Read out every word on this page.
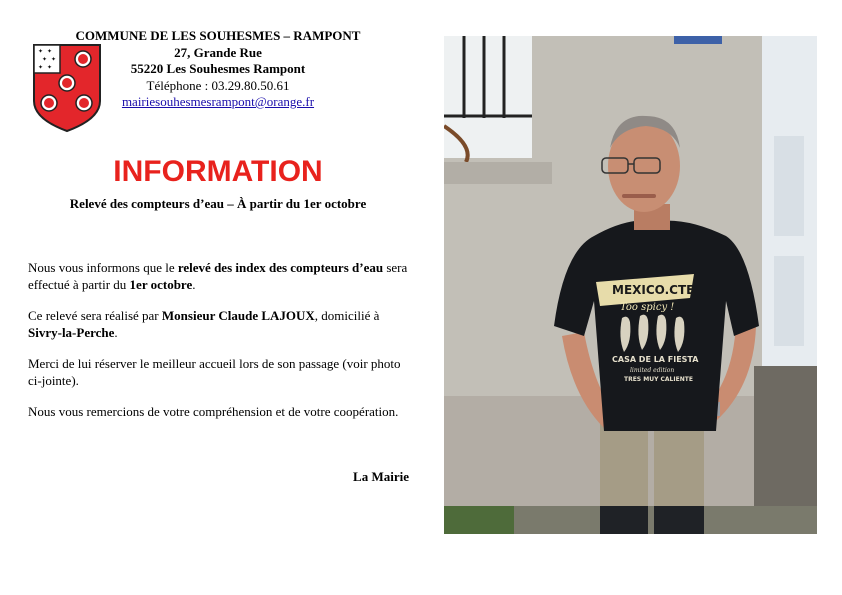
✦ ✦
✦ ✦
✦ ✦
COMMUNE DE LES SOUHESMES – RAMPONT
27, Grande Rue
55220 Les Souhesmes Rampont
Téléphone : 03.29.80.50.61
mairiesouhesmesrampont@orange.fr
INFORMATION
Relevé des compteurs d’eau – À partir du 1er octobre

Nous vous informons que le relevé des index des compteurs d’eau sera effectué à partir du 1er octobre.

Ce relevé sera réalisé par Monsieur Claude LAJOUX, domicilié à Sivry-la-Perche.

Merci de lui réserver le meilleur accueil lors de son passage (voir photo ci-jointe).

Nous vous remercions de votre compréhension et de votre coopération.

La Mairie
MEXICO.CTE
Too spicy !
CASA DE LA FIESTA
limited edition
TRES MUY CALIENTE
